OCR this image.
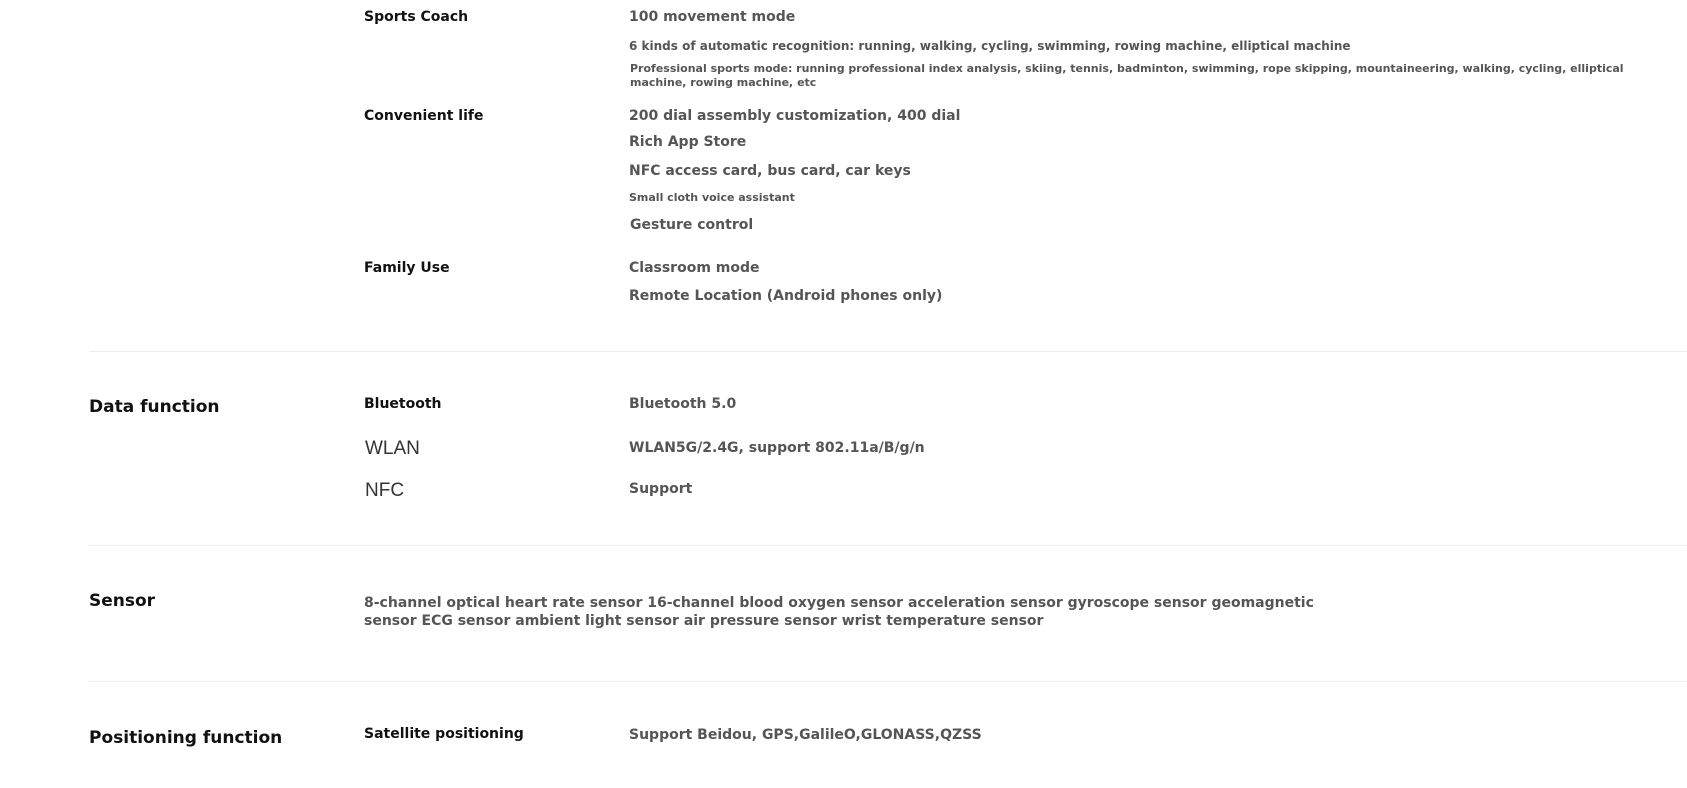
Sports Coach	100 movement mode
6 kinds of automatic recognition: running, walking, cycling, swimming, rowing machine, elliptical machine
Professional sports mode: running professional index analysis, skiing, tennis, badminton, swimming, rope skipping, mountaineering, walking, cycling, elliptical machine, rowing machine, etc
Convenient life	200 dial assembly customization, 400 dial
Rich App Store
NFC access card, bus card, car keys
Small cloth voice assistant
Gesture control
Family Use	Classroom mode
Remote Location (Android phones only)
Data function	Bluetooth	Bluetooth 5.0
WLAN	WLAN5G/2.4G, support 802.11a/B/g/n
NFC	Support
Sensor	8-channel optical heart rate sensor 16-channel blood oxygen sensor acceleration sensor gyroscope sensor geomagnetic sensor ECG sensor ambient light sensor air pressure sensor wrist temperature sensor
Positioning function	Satellite positioning	Support Beidou, GPS,GalileO,GLONASS,QZSS
